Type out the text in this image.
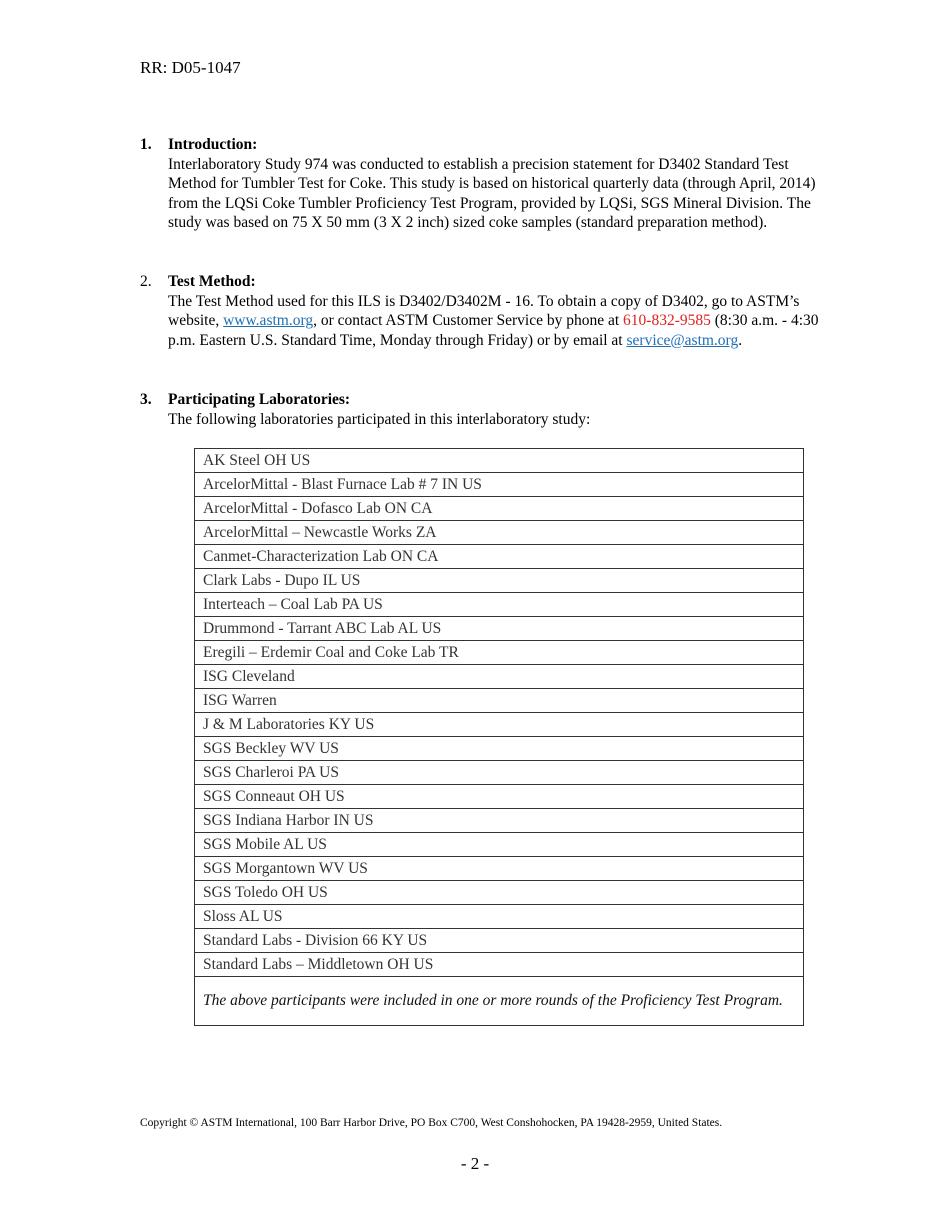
RR: D05-1047
1. Introduction:
Interlaboratory Study 974 was conducted to establish a precision statement for D3402 Standard Test Method for Tumbler Test for Coke. This study is based on historical quarterly data (through April, 2014) from the LQSi Coke Tumbler Proficiency Test Program, provided by LQSi, SGS Mineral Division. The study was based on 75 X 50 mm (3 X 2 inch) sized coke samples (standard preparation method).
2. Test Method:
The Test Method used for this ILS is D3402/D3402M - 16. To obtain a copy of D3402, go to ASTM’s website, www.astm.org, or contact ASTM Customer Service by phone at 610-832-9585 (8:30 a.m. - 4:30 p.m. Eastern U.S. Standard Time, Monday through Friday) or by email at service@astm.org.
3. Participating Laboratories:
The following laboratories participated in this interlaboratory study:
AK Steel OH US
ArcelorMittal - Blast Furnace Lab # 7 IN US
ArcelorMittal - Dofasco Lab ON CA
ArcelorMittal – Newcastle Works ZA
Canmet-Characterization Lab ON CA
Clark Labs - Dupo IL US
Interteach – Coal Lab PA US
Drummond - Tarrant ABC Lab AL US
Eregili – Erdemir Coal and Coke Lab TR
ISG Cleveland
ISG Warren
J & M Laboratories KY US
SGS Beckley WV US
SGS Charleroi PA US
SGS Conneaut OH US
SGS Indiana Harbor IN US
SGS Mobile AL US
SGS Morgantown WV US
SGS Toledo OH US
Sloss AL US
Standard Labs - Division 66 KY US
Standard Labs – Middletown OH US
The above participants were included in one or more rounds of the Proficiency Test Program.
Copyright © ASTM International, 100 Barr Harbor Drive, PO Box C700, West Conshohocken, PA 19428-2959, United States.
- 2 -
